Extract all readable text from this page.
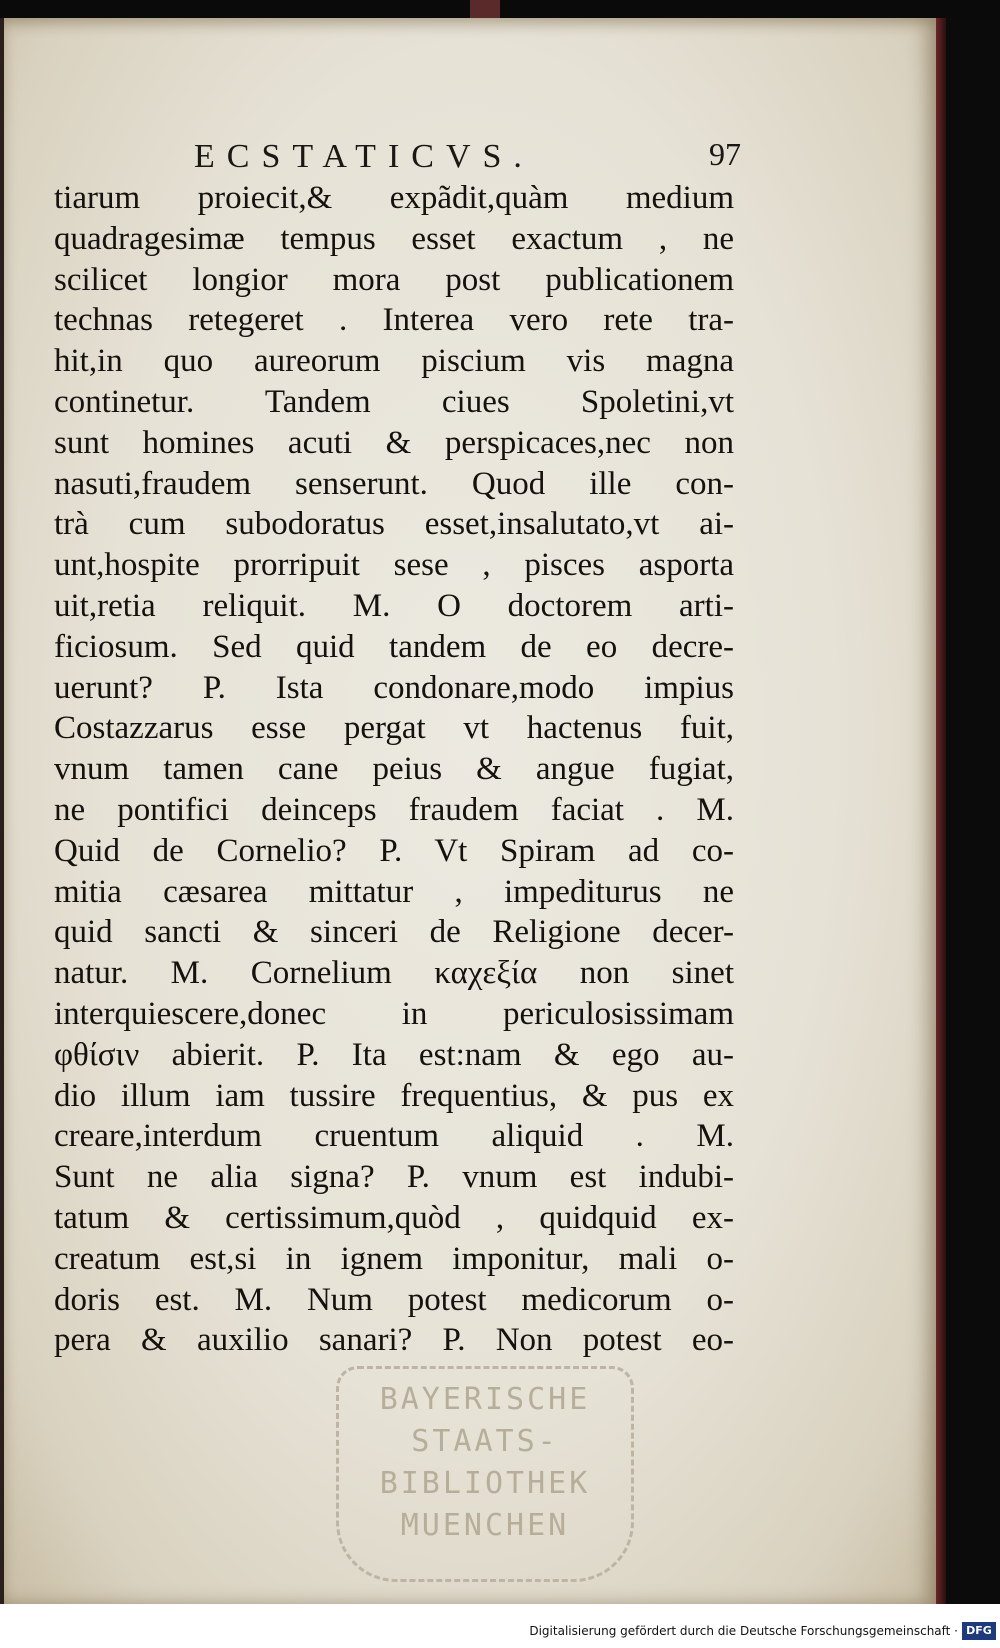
ECSTATICVS.	97
tiarum proiecit,& expãdit,quàm medium
quadragesimæ tempus esset exactum , ne
scilicet longior mora post publicationem
technas retegeret . Interea vero rete tra-
hit,in quo aureorum piscium vis magna
continetur. Tandem ciues Spoletini,vt
sunt homines acuti & perspicaces,nec non
nasuti,fraudem senserunt. Quod ille con-
trà cum subodoratus esset,insalutato,vt ai-
unt,hospite prorripuit sese , pisces asporta
uit,retia reliquit. M. O doctorem arti-
ficiosum. Sed quid tandem de eo decre-
uerunt? P. Ista condonare,modo impius
Costazzarus esse pergat vt hactenus fuit,
vnum tamen cane peius & angue fugiat,
ne pontifici deinceps fraudem faciat . M.
Quid de Cornelio? P. Vt Spiram ad co-
mitia cæsarea mittatur , impediturus ne
quid sancti & sinceri de Religione decer-
natur. M. Cornelium καχεξία non sinet
interquiescere,donec in periculosissimam
φθίσιν abierit. P. Ita est:nam & ego au-
dio illum iam tussire frequentius, & pus ex
creare,interdum cruentum aliquid . M.
Sunt ne alia signa? P. vnum est indubi-
tatum & certissimum,quòd , quidquid ex-
creatum est,si in ignem imponitur, mali o-
doris est. M. Num potest medicorum o-
pera & auxilio sanari? P. Non potest eo-
BAYERISCHE
STAATS-
BIBLIOTHEK
MUENCHEN
Digitalisierung gefördert durch die Deutsche Forschungsgemeinschaft · DFG
